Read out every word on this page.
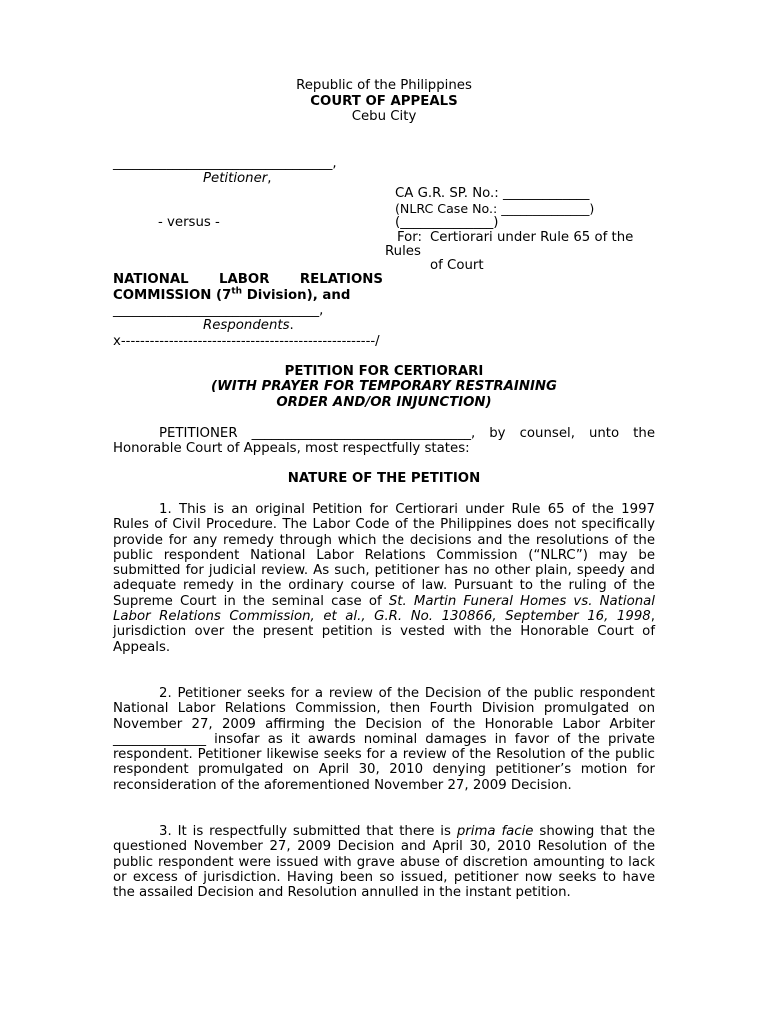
Republic of the Philippines
COURT OF APPEALS
Cebu City
_________________________________,
Petitioner,
- versus -
CA G.R. SP. No.: _____________
(NLRC Case No.: ______________)
(______________)
For: Certiorari under Rule 65 of the
Rules
of Court
NATIONAL LABOR RELATIONS
COMMISSION (7th Division), and
_______________________________,
Respondents.
x-----------------------------------------------------/
PETITION FOR CERTIORARI
(WITH PRAYER FOR TEMPORARY RESTRAINING
ORDER AND/OR INJUNCTION)
PETITIONER _________________________________, by counsel, unto the Honorable Court of Appeals, most respectfully states:
NATURE OF THE PETITION
1. This is an original Petition for Certiorari under Rule 65 of the 1997 Rules of Civil Procedure. The Labor Code of the Philippines does not specifically provide for any remedy through which the decisions and the resolutions of the public respondent National Labor Relations Commission (“NLRC”) may be submitted for judicial review. As such, petitioner has no other plain, speedy and adequate remedy in the ordinary course of law. Pursuant to the ruling of the Supreme Court in the seminal case of St. Martin Funeral Homes vs. National Labor Relations Commission, et al., G.R. No. 130866, September 16, 1998, jurisdiction over the present petition is vested with the Honorable Court of Appeals.
2. Petitioner seeks for a review of the Decision of the public respondent National Labor Relations Commission, then Fourth Division promulgated on November 27, 2009 affirming the Decision of the Honorable Labor Arbiter ______________ insofar as it awards nominal damages in favor of the private respondent. Petitioner likewise seeks for a review of the Resolution of the public respondent promulgated on April 30, 2010 denying petitioner’s motion for reconsideration of the aforementioned November 27, 2009 Decision.
3. It is respectfully submitted that there is prima facie showing that the questioned November 27, 2009 Decision and April 30, 2010 Resolution of the public respondent were issued with grave abuse of discretion amounting to lack or excess of jurisdiction. Having been so issued, petitioner now seeks to have the assailed Decision and Resolution annulled in the instant petition.
